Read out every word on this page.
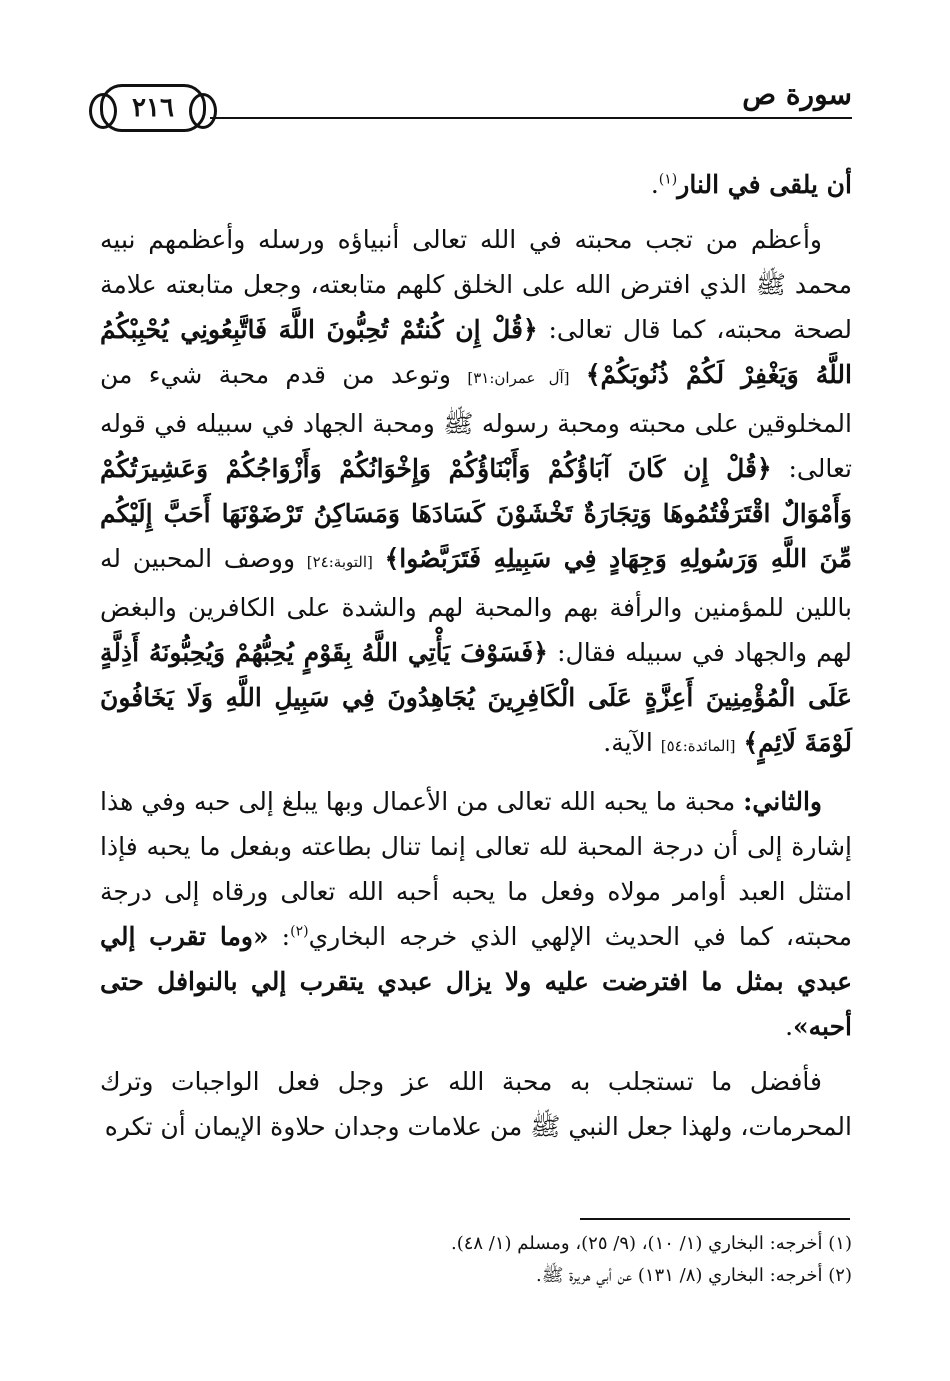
٢١٦	سورة ص

أن يلقى في النار$^{(١)}$.

وأعظم من تجب محبته في الله تعالى أنبياؤه ورسله وأعظمهم نبيه محمد ﷺ الذي افترض الله على الخلق كلهم متابعته، وجعل متابعته علامة لصحة محبته، كما قال تعالى: ﴿قُلْ إِن كُنتُمْ تُحِبُّونَ اللَّهَ فَاتَّبِعُونِي يُحْبِبْكُمُ اللَّهُ وَيَغْفِرْ لَكُمْ ذُنُوبَكُمْ﴾ [آل عمران:٣١] وتوعد من قدم محبة شيء من المخلوقين على محبته ومحبة رسوله ﷺ ومحبة الجهاد في سبيله في قوله تعالى: ﴿قُلْ إِن كَانَ آبَاؤُكُمْ وَأَبْنَاؤُكُمْ وَإِخْوَانُكُمْ وَأَزْوَاجُكُمْ وَعَشِيرَتُكُمْ وَأَمْوَالٌ اقْتَرَفْتُمُوهَا وَتِجَارَةٌ تَخْشَوْنَ كَسَادَهَا وَمَسَاكِنُ تَرْضَوْنَهَا أَحَبَّ إِلَيْكُم مِّنَ اللَّهِ وَرَسُولِهِ وَجِهَادٍ فِي سَبِيلِهِ فَتَرَبَّصُوا﴾ [التوبة:٢٤] ووصف المحبين له باللين للمؤمنين والرأفة بهم والمحبة لهم والشدة على الكافرين والبغض لهم والجهاد في سبيله فقال: ﴿فَسَوْفَ يَأْتِي اللَّهُ بِقَوْمٍ يُحِبُّهُمْ وَيُحِبُّونَهُ أَذِلَّةٍ عَلَى الْمُؤْمِنِينَ أَعِزَّةٍ عَلَى الْكَافِرِينَ يُجَاهِدُونَ فِي سَبِيلِ اللَّهِ وَلَا يَخَافُونَ لَوْمَةَ لَائِمٍ﴾ [المائدة:٥٤] الآية.

والثاني: محبة ما يحبه الله تعالى من الأعمال وبها يبلغ إلى حبه وفي هذا إشارة إلى أن درجة المحبة لله تعالى إنما تنال بطاعته وبفعل ما يحبه فإذا امتثل العبد أوامر مولاه وفعل ما يحبه أحبه الله تعالى ورقاه إلى درجة محبته، كما في الحديث الإلهي الذي خرجه البخاري$^{(٢)}$: «وما تقرب إلي عبدي بمثل ما افترضت عليه ولا يزال عبدي يتقرب إلي بالنوافل حتى أحبه».

فأفضل ما تستجلب به محبة الله عز وجل فعل الواجبات وترك المحرمات، ولهذا جعل النبي ﷺ من علامات وجدان حلاوة الإيمان أن تكره

(١) أخرجه: البخاري (١/ ١٠)، (٩/ ٢٥)، ومسلم (١/ ٤٨).
(٢) أخرجه: البخاري (٨/ ١٣١) عن أبي هريرة ﷺ.
